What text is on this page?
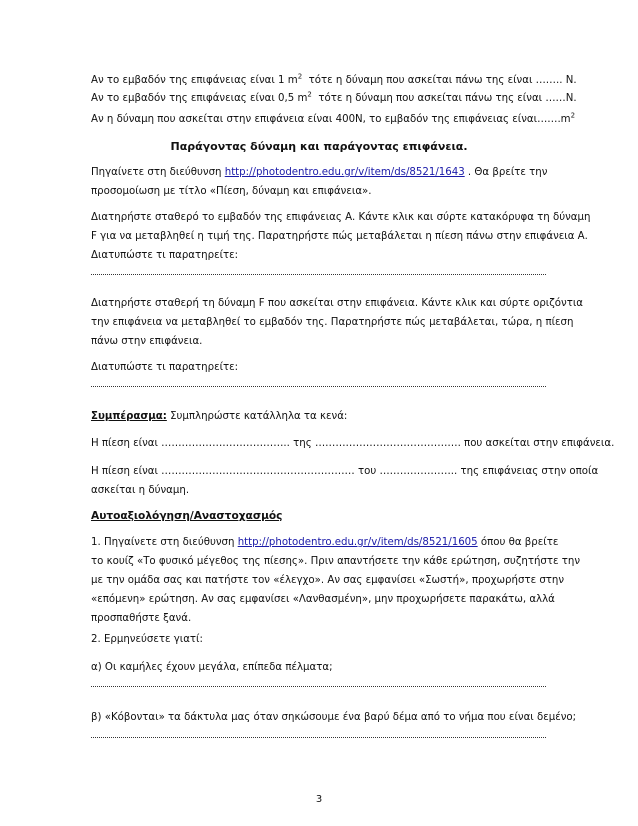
Αν το εμβαδόν της επιφάνειας είναι 1 $m^2$  τότε η δύναμη που ασκείται πάνω της είναι …….. Ν.
Αν το εμβαδόν της επιφάνειας είναι 0,5 $m^2$  τότε η δύναμη που ασκείται πάνω της είναι ……Ν.
Αν η δύναμη που ασκείται στην επιφάνεια είναι 400N, το εμβαδόν της επιφάνειας $\varepsilon ί\nu\alpha\iota\dots\dots.m^2$
Παράγοντας δύναμη και παράγοντας επιφάνεια.
Πηγαίνετε στη διεύθυνση http://photodentro.edu.gr/v/item/ds/8521/1643 . Θα βρείτε την
προσομοίωση με τίτλο «Πίεση, δύναμη και επιφάνεια».
Διατηρήστε σταθερό το εμβαδόν της επιφάνειας Α. Κάντε κλικ και σύρτε κατακόρυφα τη δύναμη
F για να μεταβληθεί η τιμή της. Παρατηρήστε πώς μεταβάλεται η πίεση πάνω στην επιφάνεια Α.
Διατυπώστε τι παρατηρείτε:
Διατηρήστε σταθερή τη δύναμη F που ασκείται στην επιφάνεια. Κάντε κλικ και σύρτε οριζόντια
την επιφάνεια να μεταβληθεί το εμβαδόν της. Παρατηρήστε πώς μεταβάλεται, τώρα, η πίεση
πάνω στην επιφάνεια.
Διατυπώστε τι παρατηρείτε:
Συμπέρασμα: Συμπληρώστε κατάλληλα τα κενά:
Η πίεση είναι ……………………………….. της ……………………………………. που ασκείται στην επιφάνεια.
Η πίεση είναι ………………………………………………… του ………………….. της επιφάνειας στην οποία
ασκείται η δύναμη.
Αυτοαξιολόγηση/Αναστοχασμός
1. Πηγαίνετε στη διεύθυνση http://photodentro.edu.gr/v/item/ds/8521/1605 όπου θα βρείτε
το κουίζ «Το φυσικό μέγεθος της πίεσης». Πριν απαντήσετε την κάθε ερώτηση, συζητήστε την
με την ομάδα σας και πατήστε τον «έλεγχο». Αν σας εμφανίσει «Σωστή», προχωρήστε στην
«επόμενη» ερώτηση. Αν σας εμφανίσει «Λανθασμένη», μην προχωρήσετε παρακάτω, αλλά
προσπαθήστε ξανά.
2. Ερμηνεύσετε γιατί:
α) Οι καμήλες έχουν μεγάλα, επίπεδα πέλματα;
β) «Κόβονται» τα δάκτυλα μας όταν σηκώσουμε ένα βαρύ δέμα από το νήμα που είναι δεμένο;
3
